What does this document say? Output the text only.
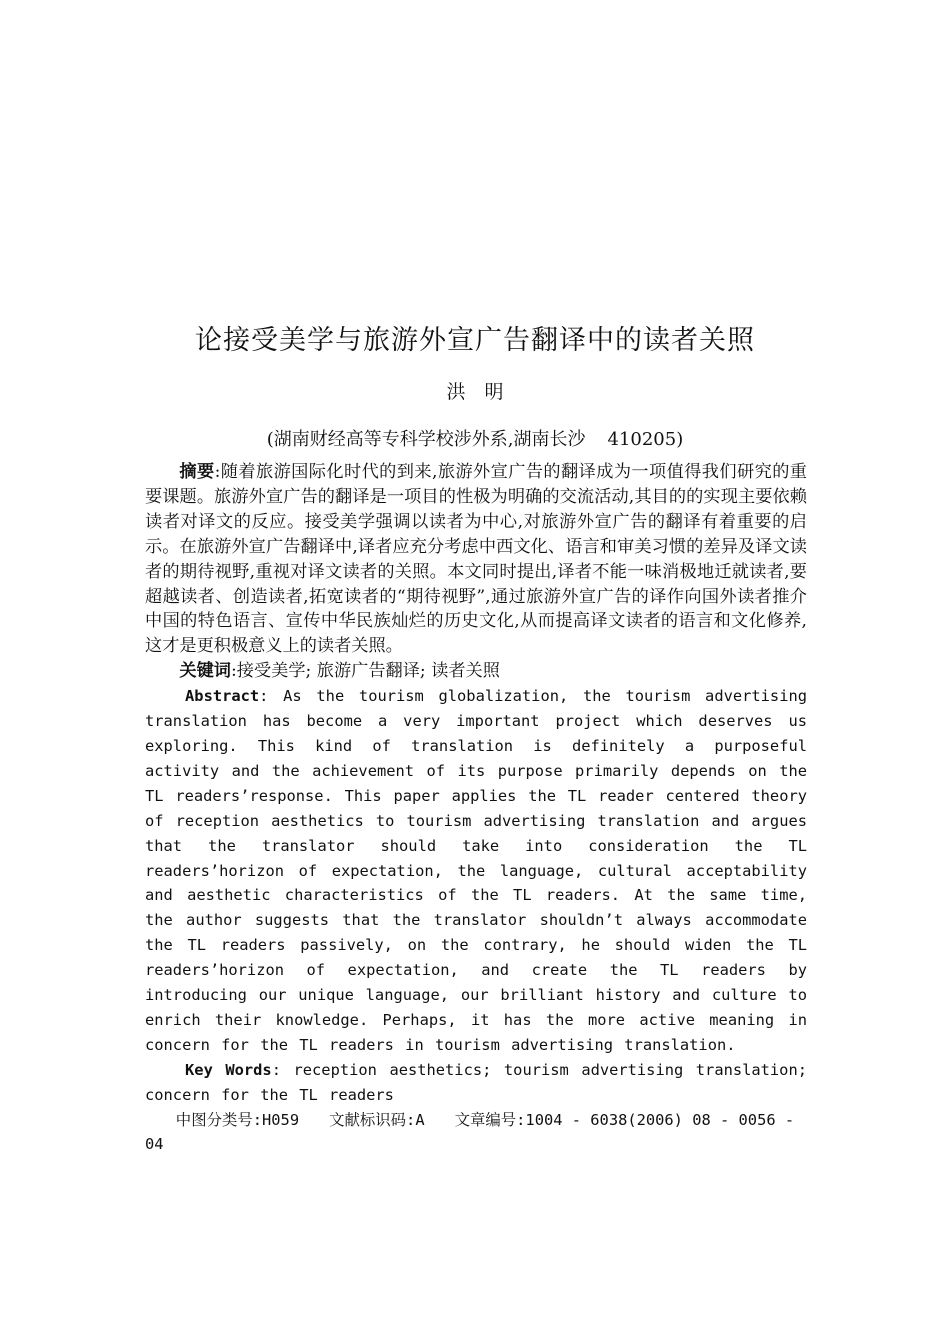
论接受美学与旅游外宣广告翻译中的读者关照
洪　明
(湖南财经高等专科学校涉外系,湖南长沙 410205)

摘要:随着旅游国际化时代的到来,旅游外宣广告的翻译成为一项值得我们研究的重要课题。旅游外宣广告的翻译是一项目的性极为明确的交流活动,其目的的实现主要依赖读者对译文的反应。接受美学强调以读者为中心,对旅游外宣广告的翻译有着重要的启示。在旅游外宣广告翻译中,译者应充分考虑中西文化、语言和审美习惯的差异及译文读者的期待视野,重视对译文读者的关照。本文同时提出,译者不能一味消极地迁就读者,要超越读者、创造读者,拓宽读者的“期待视野”,通过旅游外宣广告的译作向国外读者推介中国的特色语言、宣传中华民族灿烂的历史文化,从而提高译文读者的语言和文化修养,这才是更积极意义上的读者关照。

关键词:接受美学; 旅游广告翻译; 读者关照

Abstract: As the tourism globalization, the tourism advertising translation has become a very important project which deserves us exploring. This kind of translation is definitely a purposeful activity and the achievement of its purpose primarily depends on the TL readers’response. This paper applies the TL reader centered theory of reception aesthetics to tourism advertising translation and argues that the translator should take into consideration the TL readers’horizon of expectation, the language, cultural acceptability and aesthetic characteristics of the TL readers. At the same time, the author suggests that the translator shouldn’t always accommodate the TL readers passively, on the contrary, he should widen the TL readers’horizon of expectation, and create the TL readers by introducing our unique language, our brilliant history and culture to enrich their knowledge. Perhaps, it has the more active meaning in concern for the TL readers in tourism advertising translation.

Key Words: reception aesthetics; tourism advertising translation; concern for the TL readers

中图分类号:H059 文献标识码:A 文章编号:1004 - 6038(2006) 08 - 0056 - 04
